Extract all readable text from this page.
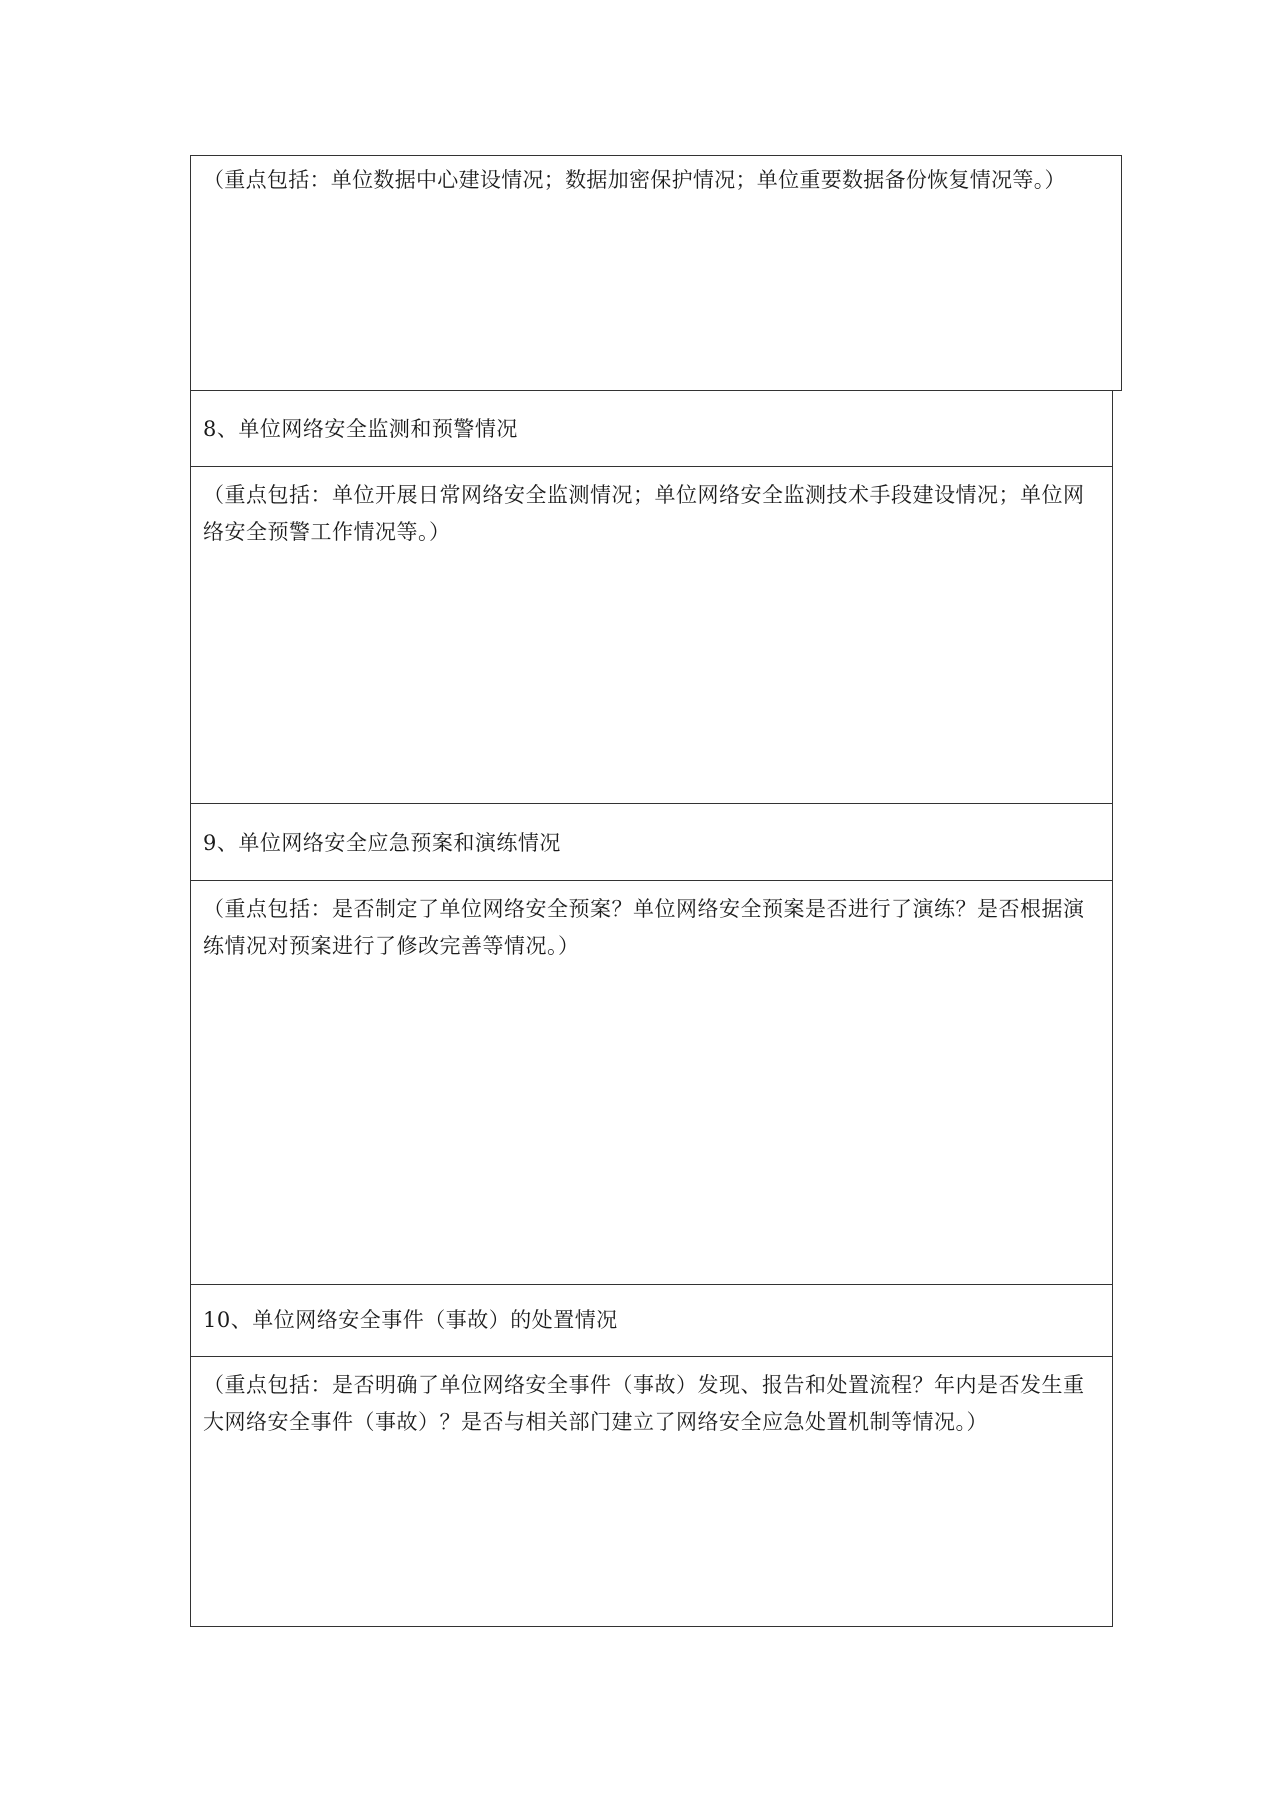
（重点包括：单位数据中心建设情况；数据加密保护情况；单位重要数据备份恢复情况等。）
8、单位网络安全监测和预警情况
（重点包括：单位开展日常网络安全监测情况；单位网络安全监测技术手段建设情况；单位网络安全预警工作情况等。）
9、单位网络安全应急预案和演练情况
（重点包括：是否制定了单位网络安全预案？单位网络安全预案是否进行了演练？是否根据演练情况对预案进行了修改完善等情况。）
10、单位网络安全事件（事故）的处置情况
（重点包括：是否明确了单位网络安全事件（事故）发现、报告和处置流程？年内是否发生重大网络安全事件（事故）？是否与相关部门建立了网络安全应急处置机制等情况。）
